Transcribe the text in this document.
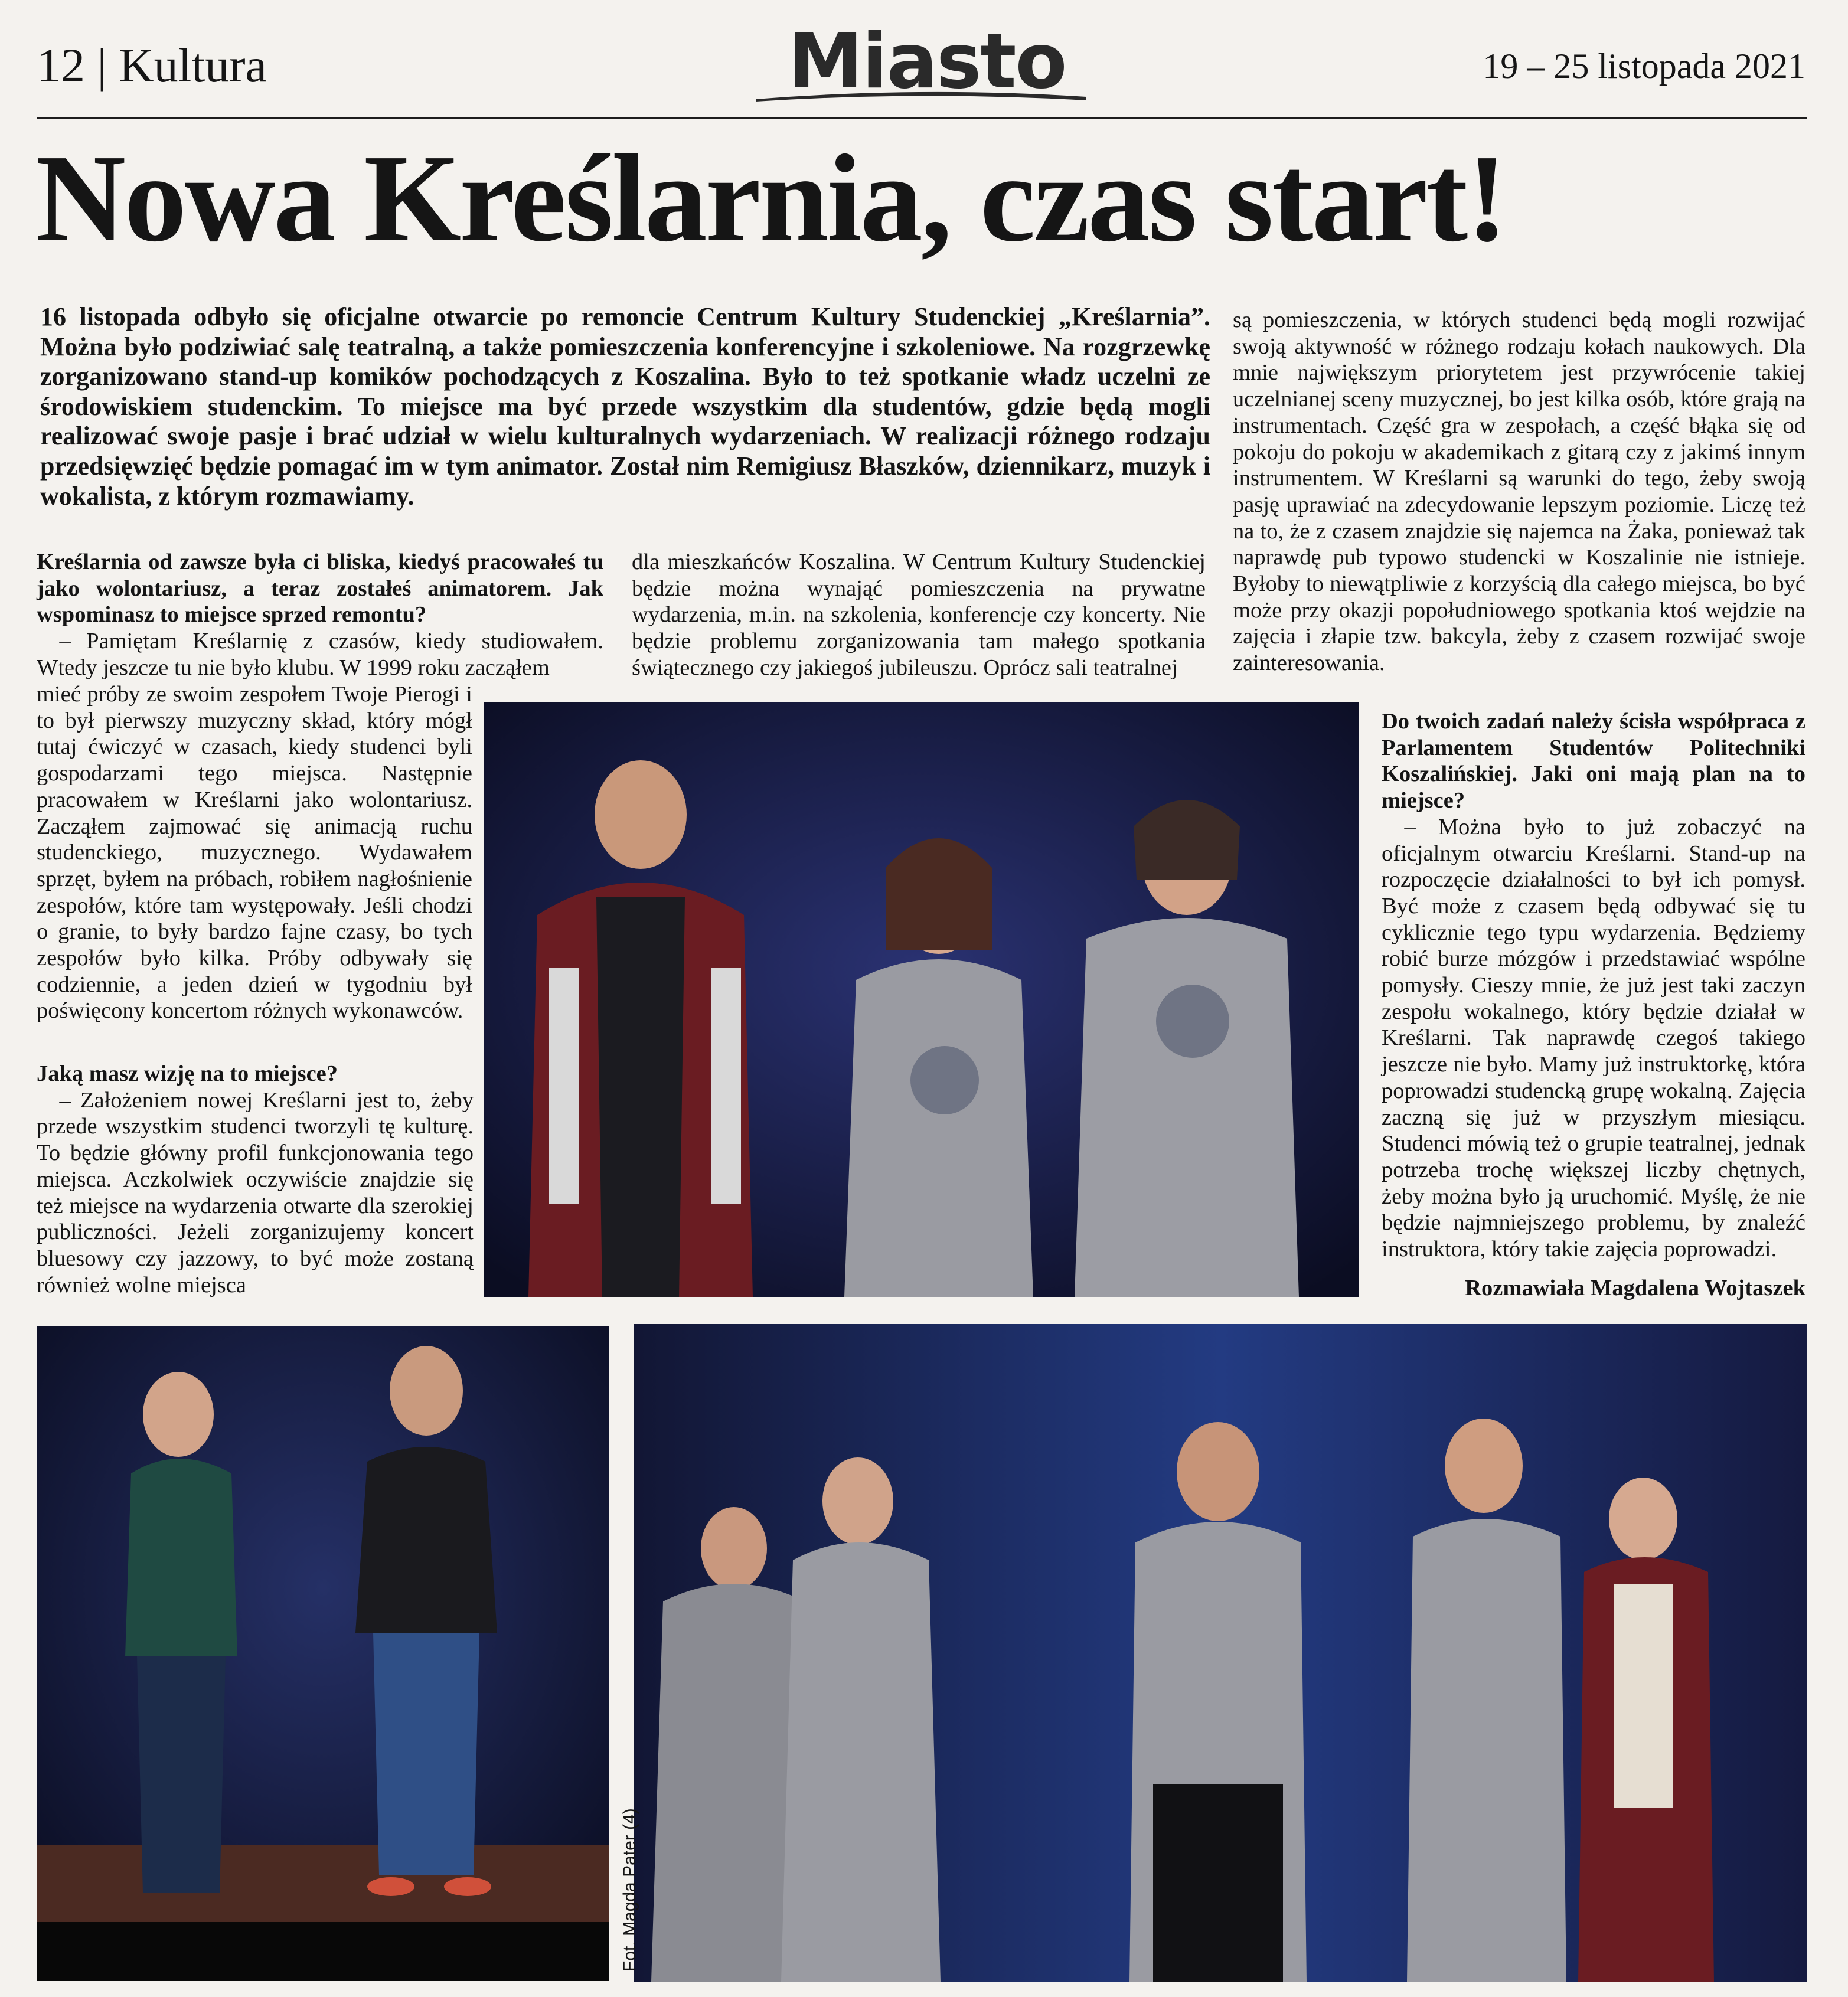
12 | Kultura	Miasto	19 – 25 listopada 2021
Nowa Kreślarnia, czas start!

16 listopada odbyło się oficjalne otwarcie po remoncie Centrum Kultury Studenckiej „Kreślarnia”. Można było podziwiać salę teatralną, a także pomieszczenia konferencyjne i szkoleniowe. Na rozgrzewkę zorganizowano stand-up komików pochodzących z Koszalina. Było to też spotkanie władz uczelni ze środowiskiem studenckim. To miejsce ma być przede wszystkim dla studentów, gdzie będą mogli realizować swoje pasje i brać udział w wielu kulturalnych wydarzeniach. W realizacji różnego rodzaju przedsięwzięć będzie pomagać im w tym animator. Został nim Remigiusz Błaszków, dziennikarz, muzyk i wokalista, z którym rozmawiamy.

Kreślarnia od zawsze była ci bliska, kiedyś pracowałeś tu jako wolontariusz, a teraz zostałeś animatorem. Jak wspominasz to miejsce sprzed remontu?
– Pamiętam Kreślarnię z czasów, kiedy studiowałem. Wtedy jeszcze tu nie było klubu. W 1999 roku zacząłem
mieć próby ze swoim zespołem Twoje Pierogi i to był pierwszy muzyczny skład, który mógł tutaj ćwiczyć w czasach, kiedy studenci byli gospodarzami tego miejsca. Następnie pracowałem w Kreślarni jako wolontariusz. Zacząłem zajmować się animacją ruchu studenckiego, muzycznego. Wydawałem sprzęt, byłem na próbach, robiłem nagłośnienie zespołów, które tam występowały. Jeśli chodzi o granie, to były bardzo fajne czasy, bo tych zespołów było kilka. Próby odbywały się codziennie, a jeden dzień w tygodniu był poświęcony koncertom różnych wykonawców.
Jaką masz wizję na to miejsce?
– Założeniem nowej Kreślarni jest to, żeby przede wszystkim studenci tworzyli tę kulturę. To będzie główny profil funkcjonowania tego miejsca. Aczkolwiek oczywiście znajdzie się też miejsce na wydarzenia otwarte dla szerokiej publiczności. Jeżeli zorganizujemy koncert bluesowy czy jazzowy, to być może zostaną również wolne miejsca
dla mieszkańców Koszalina. W Centrum Kultury Studenckiej będzie można wynająć pomieszczenia na prywatne wydarzenia, m.in. na szkolenia, konferencje czy koncerty. Nie będzie problemu zorganizowania tam małego spotkania świątecznego czy jakiegoś jubileuszu. Oprócz sali teatralnej
są pomieszczenia, w których studenci będą mogli rozwijać swoją aktywność w różnego rodzaju kołach naukowych. Dla mnie największym priorytetem jest przywrócenie takiej uczelnianej sceny muzycznej, bo jest kilka osób, które grają na instrumentach. Część gra w zespołach, a część błąka się od pokoju do pokoju w akademikach z gitarą czy z jakimś innym instrumentem. W Kreślarni są warunki do tego, żeby swoją pasję uprawiać na zdecydowanie lepszym poziomie. Liczę też na to, że z czasem znajdzie się najemca na Żaka, ponieważ tak naprawdę pub typowo studencki w Koszalinie nie istnieje. Byłoby to niewątpliwie z korzyścią dla całego miejsca, bo być może przy okazji popołudniowego spotkania ktoś wejdzie na zajęcia i złapie tzw. bakcyla, żeby z czasem rozwijać swoje zainteresowania.
Do twoich zadań należy ścisła współpraca z Parlamentem Studentów Politechniki Koszalińskiej. Jaki oni mają plan na to miejsce?
– Można było to już zobaczyć na oficjalnym otwarciu Kreślarni. Stand-up na rozpoczęcie działalności to był ich pomysł. Być może z czasem będą odbywać się tu cyklicznie tego typu wydarzenia. Będziemy robić burze mózgów i przedstawiać wspólne pomysły. Cieszy mnie, że już jest taki zaczyn zespołu wokalnego, który będzie działał w Kreślarni. Tak naprawdę czegoś takiego jeszcze nie było. Mamy już instruktorkę, która poprowadzi studencką grupę wokalną. Zajęcia zaczną się już w przyszłym miesiącu. Studenci mówią też o grupie teatralnej, jednak potrzeba trochę większej liczby chętnych, żeby można było ją uruchomić. Myślę, że nie będzie najmniejszego problemu, by znaleźć instruktora, który takie zajęcia poprowadzi.
Rozmawiała Magdalena Wojtaszek
Fot. Magda Pater (4)
